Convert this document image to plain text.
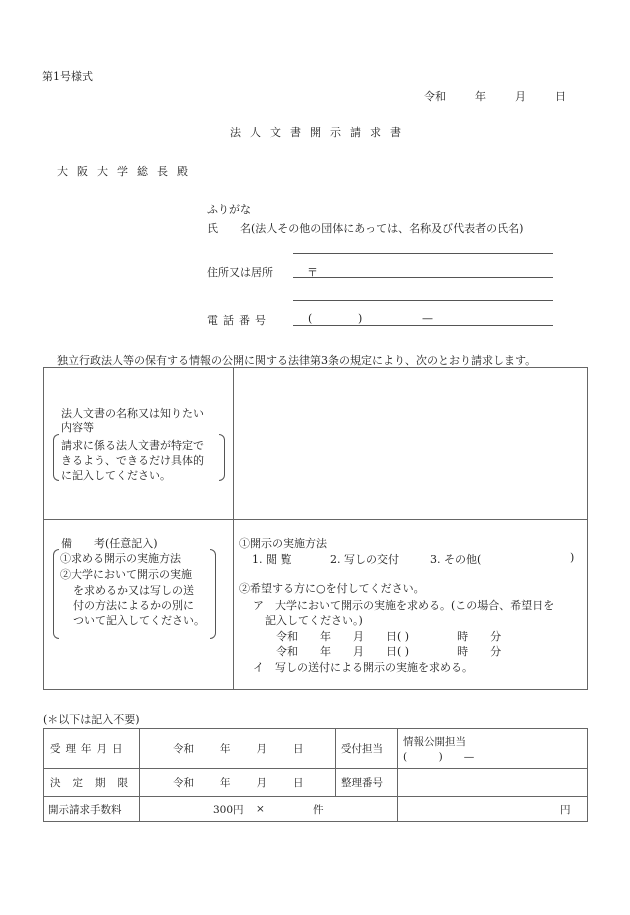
第1号様式
令和	年	月	日
法人文書開示請求書
大阪大学総長殿
ふりがな
氏 名(法人その他の団体にあっては、名称及び代表者の氏名)
住所又は居所	〒
電話番号	(	)	—
独立行政法人等の保有する情報の公開に関する法律第3条の規定により、次のとおり請求します。
法人文書の名称又は知りたい
内容等
請求に係る法人文書が特定で
きるよう、できるだけ具体的
に記入してください。
備 考(任意記入)
①求める開示の実施方法
②大学において開示の実施
を求めるか又は写しの送
付の方法によるかの別に
ついて記入してください。
①開示の実施方法
1. 閲 覧	2. 写しの交付	3. その他(	)
②希望する方に○を付してください。
ア　大学において開示の実施を求める。(この場合、希望日を
記入してください。)
令和 年 月 日( )	時 分
令和 年 月 日( )	時 分
イ　写しの送付による開示の実施を求める。
(＊以下は記入不要)
受理年月日	令和 年 月 日	受付担当
情報公開担当
(　　　)　　—
決定期限	令和 年 月 日	整理番号
開示請求手数料	300円 ×	件	円
